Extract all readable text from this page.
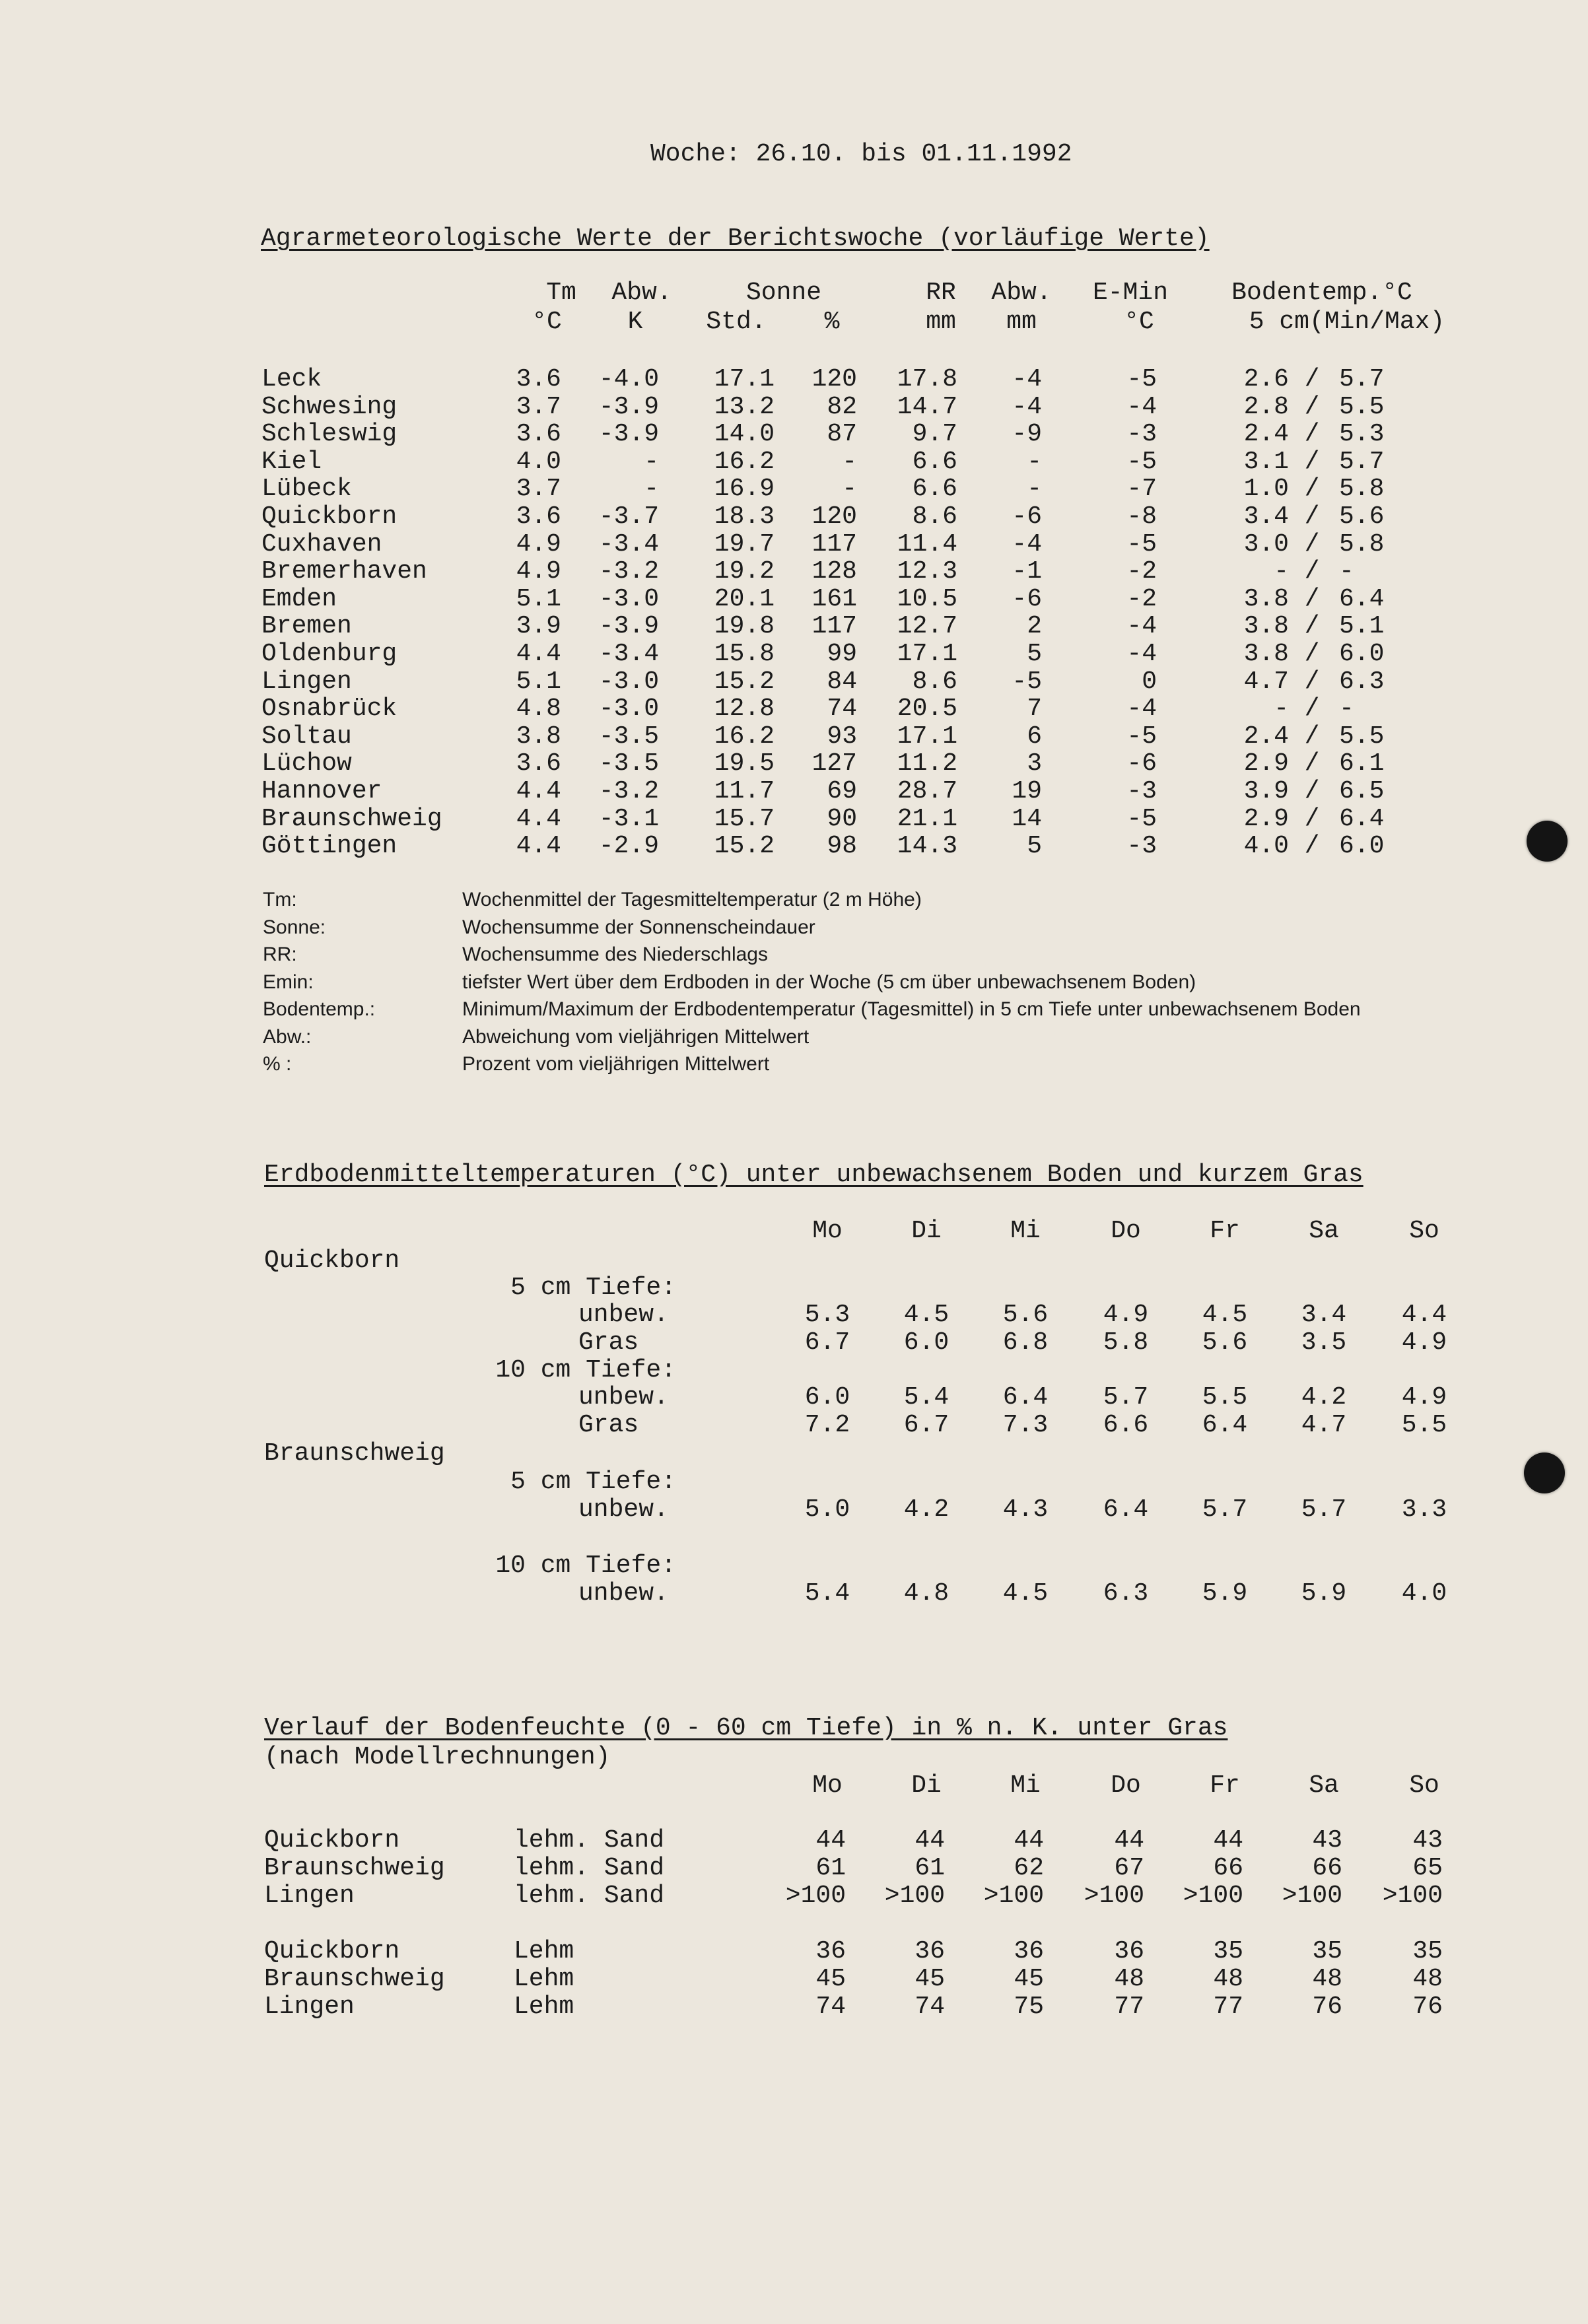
Woche: 26.10. bis 01.11.1992
Agrarmeteorologische Werte der Berichtswoche (vorläufige Werte)
Tm	Abw.	Sonne	RR	Abw.	E-Min	Bodentemp.°C
°C	K	Std.	%	mm	mm	°C	5 cm(Min/Max)
Leck	3.6	-4.0	17.1	120	17.8	-4	-5	2.6 / 5.7
Schwesing	3.7	-3.9	13.2	82	14.7	-4	-4	2.8 / 5.5
Schleswig	3.6	-3.9	14.0	87	9.7	-9	-3	2.4 / 5.3
Kiel	4.0	-	16.2	-	6.6	-	-5	3.1 / 5.7
Lübeck	3.7	-	16.9	-	6.6	-	-7	1.0 / 5.8
Quickborn	3.6	-3.7	18.3	120	8.6	-6	-8	3.4 / 5.6
Cuxhaven	4.9	-3.4	19.7	117	11.4	-4	-5	3.0 / 5.8
Bremerhaven	4.9	-3.2	19.2	128	12.3	-1	-2	- / -
Emden	5.1	-3.0	20.1	161	10.5	-6	-2	3.8 / 6.4
Bremen	3.9	-3.9	19.8	117	12.7	2	-4	3.8 / 5.1
Oldenburg	4.4	-3.4	15.8	99	17.1	5	-4	3.8 / 6.0
Lingen	5.1	-3.0	15.2	84	8.6	-5	0	4.7 / 6.3
Osnabrück	4.8	-3.0	12.8	74	20.5	7	-4	- / -
Soltau	3.8	-3.5	16.2	93	17.1	6	-5	2.4 / 5.5
Lüchow	3.6	-3.5	19.5	127	11.2	3	-6	2.9 / 6.1
Hannover	4.4	-3.2	11.7	69	28.7	19	-3	3.9 / 6.5
Braunschweig	4.4	-3.1	15.7	90	21.1	14	-5	2.9 / 6.4
Göttingen	4.4	-2.9	15.2	98	14.3	5	-3	4.0 / 6.0
Tm:	Wochenmittel der Tagesmitteltemperatur (2 m Höhe)
Sonne:	Wochensumme der Sonnenscheindauer
RR:	Wochensumme des Niederschlags
Emin:	tiefster Wert über dem Erdboden in der Woche (5 cm über unbewachsenem Boden)
Bodentemp.:	Minimum/Maximum der Erdbodentemperatur (Tagesmittel) in 5 cm Tiefe unter unbewachsenem Boden
Abw.:	Abweichung vom vieljährigen Mittelwert
% :	Prozent vom vieljährigen Mittelwert
Erdbodenmitteltemperaturen (°C) unter unbewachsenem Boden und kurzem Gras
Mo	Di	Mi	Do	Fr	Sa	So
Quickborn
5 cm Tiefe:
unbew.	5.3	4.5	5.6	4.9	4.5	3.4	4.4
Gras	6.7	6.0	6.8	5.8	5.6	3.5	4.9
10 cm Tiefe:
unbew.	6.0	5.4	6.4	5.7	5.5	4.2	4.9
Gras	7.2	6.7	7.3	6.6	6.4	4.7	5.5
Braunschweig
5 cm Tiefe:
unbew.	5.0	4.2	4.3	6.4	5.7	5.7	3.3
10 cm Tiefe:
unbew.	5.4	4.8	4.5	6.3	5.9	5.9	4.0
Verlauf der Bodenfeuchte (0 - 60 cm Tiefe) in % n. K. unter Gras
(nach Modellrechnungen)
Mo	Di	Mi	Do	Fr	Sa	So
Quickborn	lehm. Sand	44	44	44	44	44	43	43
Braunschweig	lehm. Sand	61	61	62	67	66	66	65
Lingen	lehm. Sand	>100	>100	>100	>100	>100	>100	>100
Quickborn	Lehm	36	36	36	36	35	35	35
Braunschweig	Lehm	45	45	45	48	48	48	48
Lingen	Lehm	74	74	75	77	77	76	76
